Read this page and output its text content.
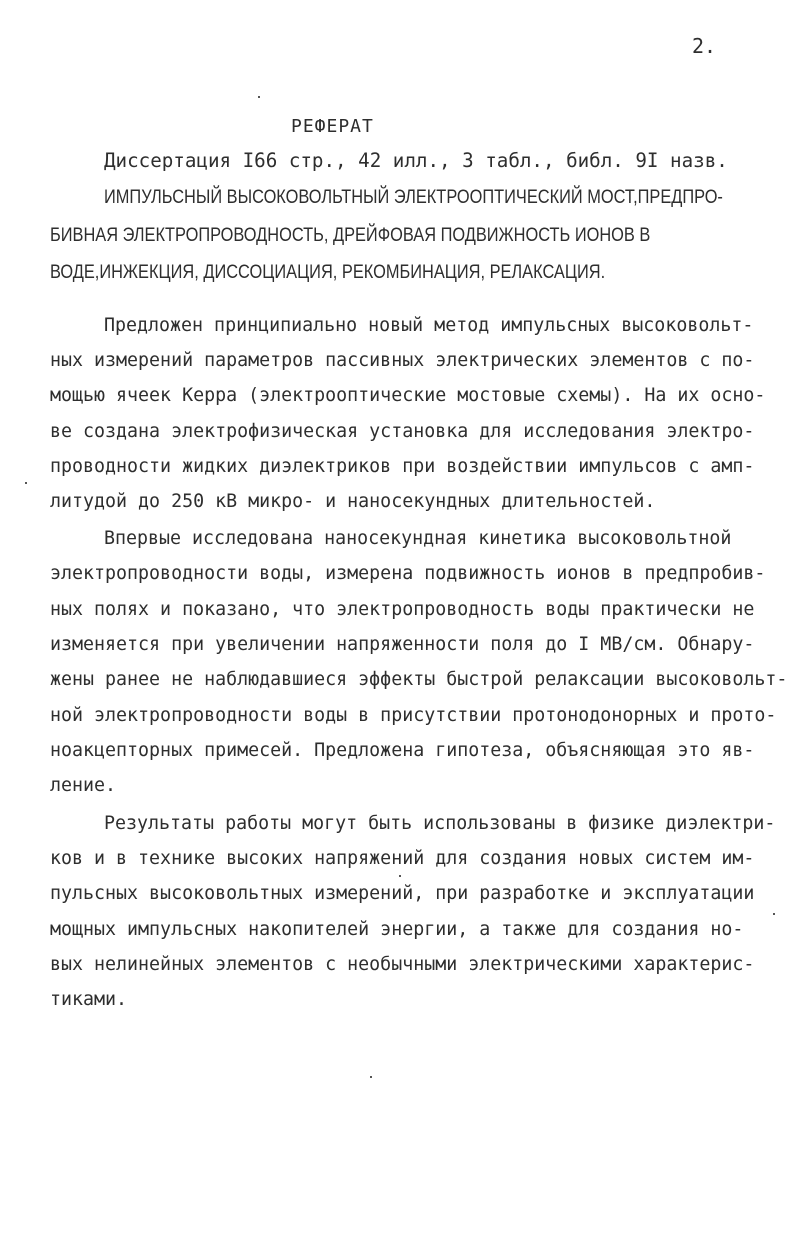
2.
РЕФЕРАТ
Диссертация I66 стр., 42 илл., 3 табл., библ. 9I назв.
ИМПУЛЬСНЫЙ ВЫСОКОВОЛЬТНЫЙ ЭЛЕКТРООПТИЧЕСКИЙ МОСТ,ПРЕДПРО-
БИВНАЯ ЭЛЕКТРОПРОВОДНОСТЬ, ДРЕЙФОВАЯ ПОДВИЖНОСТЬ ИОНОВ В
ВОДЕ,ИНЖЕКЦИЯ, ДИССОЦИАЦИЯ, РЕКОМБИНАЦИЯ, РЕЛАКСАЦИЯ.
Предложен принципиально новый метод импульсных высоковольт-
ных измерений параметров пассивных электрических элементов с по-
мощью ячеек Керра (электрооптические мостовые схемы). На их осно-
ве создана электрофизическая установка для исследования электро-
проводности жидких диэлектриков при воздействии импульсов с амп-
литудой до 250 кВ микро- и наносекундных длительностей.
Впервые исследована наносекундная кинетика высоковольтной
электропроводности воды, измерена подвижность ионов в предпробив-
ных полях и показано, что электропроводность воды практически не
изменяется при увеличении напряженности поля до I МВ/см. Обнару-
жены ранее не наблюдавшиеся эффекты быстрой релаксации высоковольт-
ной электропроводности воды в присутствии протонодонорных и прото-
ноакцепторных примесей. Предложена гипотеза, объясняющая это яв-
ление.
Результаты работы могут быть использованы в физике диэлектри-
ков и в технике высоких напряжений для создания новых систем им-
пульсных высоковольтных измерений, при разработке и эксплуатации
мощных импульсных накопителей энергии, а также для создания но-
вых нелинейных элементов с необычными электрическими характерис-
тиками.
